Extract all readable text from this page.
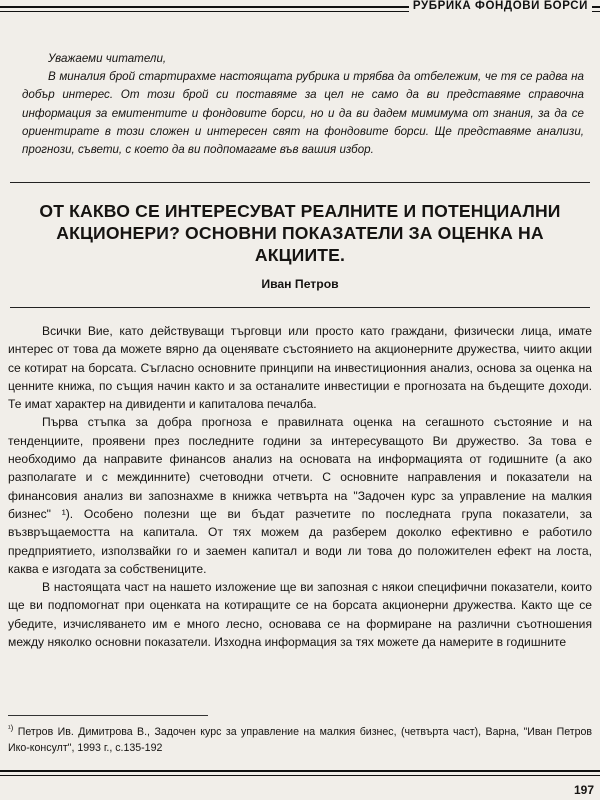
РУБРИКА ФОНДОВИ БОРСИ
Уважаеми читатели,
В миналия брой стартирахме настоящата рубрика и трябва да отбележим, че тя се радва на добър интерес. От този брой си поставяме за цел не само да ви представяме справочна информация за емитентите и фондовите борси, но и да ви дадем мимимума от знания, за да се ориентирате в този сложен и интересен свят на фондовите борси. Ще представяме анализи, прогнози, съвети, с което да ви подпомагаме във вашия избор.
ОТ КАКВО СЕ ИНТЕРЕСУВАТ РЕАЛНИТЕ И ПОТЕНЦИАЛНИ АКЦИОНЕРИ? ОСНОВНИ ПОКАЗАТЕЛИ ЗА ОЦЕНКА НА АКЦИИТЕ.
Иван Петров

Всички Вие, като действуващи търговци или просто като граждани, физически лица, имате интерес от това да можете вярно да оценявате състоянието на акционерните дружества, чиито акции се котират на борсата. Съгласно основните принципи на инвестиционния анализ, основа за оценка на ценните книжа, по същия начин както и за останалите инвестиции е прогнозата на бъдещите доходи. Те имат характер на дивиденти и капиталова печалба.

Първа стъпка за добра прогноза е правилната оценка на сегашното състояние и на тенденциите, проявени през последните години за интересуващото Ви дружество. За това е необходимо да направите финансов анализ на основата на информацията от годишните (а ако разполагате и с междинните) счетоводни отчети. С основните направления и показатели на финансовия анализ ви запознахме в книжка четвърта на "Задочен курс за управление на малкия бизнес" ¹). Особено полезни ще ви бъдат разчетите по последната група показатели, за възвръщаемостта на капитала. От тях можем да разберем доколко ефективно е работило предприятието, използвайки го и заемен капитал и води ли това до положителен ефект на лоста, каква е изгодата за собствениците.

В настоящата част на нашето изложение ще ви запозная с някои специфични показатели, които ще ви подпомогнат при оценката на котиращите се на борсата акционерни дружества. Както ще се убедите, изчисляването им е много лесно, основава се на формиране на различни съотношения между няколко основни показатели. Изходна информация за тях можете да намерите в годишните

$^{^1)}$ Петров Ив. Димитрова В., Задочен курс за управление на малкия бизнес, (четвърта част), Варна, "Иван Петров Ико-консулт", 1993 г., с.135-192
197
